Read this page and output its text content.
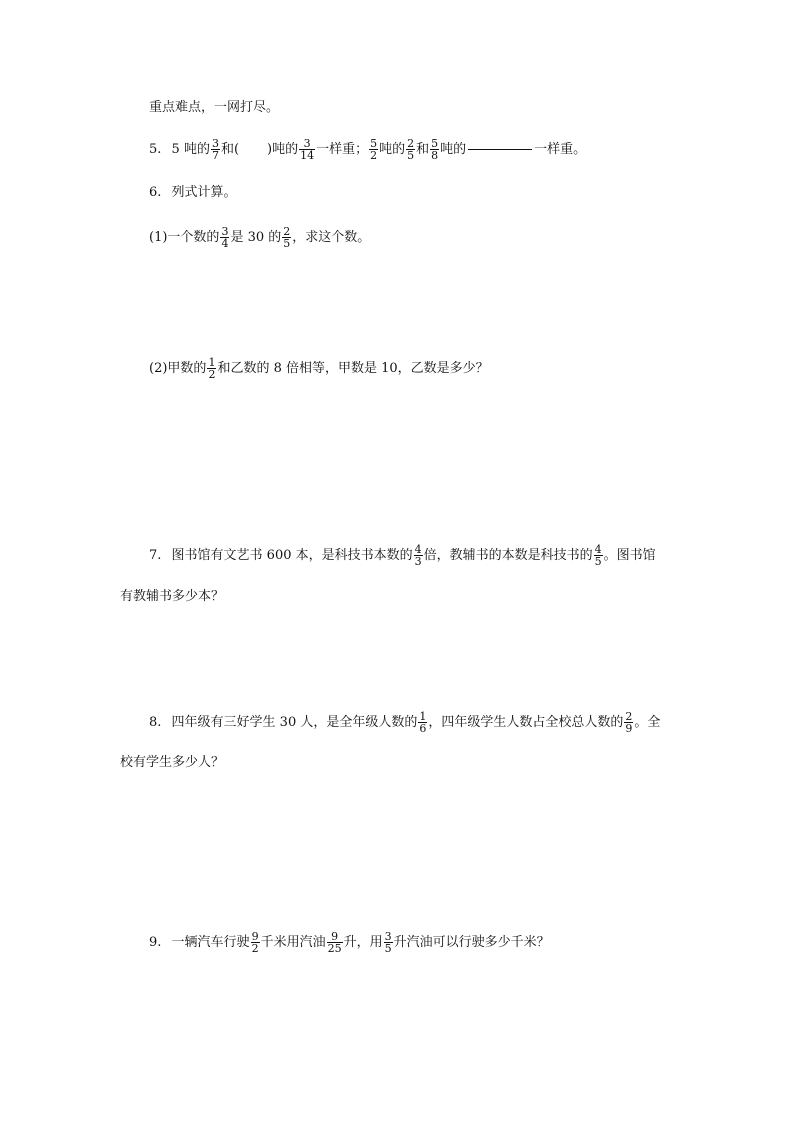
重点难点，一网打尽。
5. 5 吨的 $\frac{3}{7}$ 和( )吨的 $\frac{3}{14}$ 一样重； $\frac{5}{2}$ 吨的 $\frac{2}{5}$ 和 $\frac{5}{8}$ 吨的	一样重。
6. 列式计算。
(1)一个数的 $\frac{3}{4}$ 是 30 的 $\frac{2}{5}$ ，求这个数。
(2)甲数的 $\frac{1}{2}$ 和乙数的 8 倍相等，甲数是 10，乙数是多少？
7. 图书馆有文艺书 600 本，是科技书本数的 $\frac{4}{3}$ 倍，教辅书的本数是科技书的 $\frac{4}{5}$ 。图书馆
有教辅书多少本？
8. 四年级有三好学生 30 人，是全年级人数的 $\frac{1}{6}$ ，四年级学生人数占全校总人数的 $\frac{2}{9}$ 。全
校有学生多少人？
9. 一辆汽车行驶 $\frac{9}{2}$ 千米用汽油 $\frac{9}{25}$ 升，用 $\frac{3}{5}$ 升汽油可以行驶多少千米？
